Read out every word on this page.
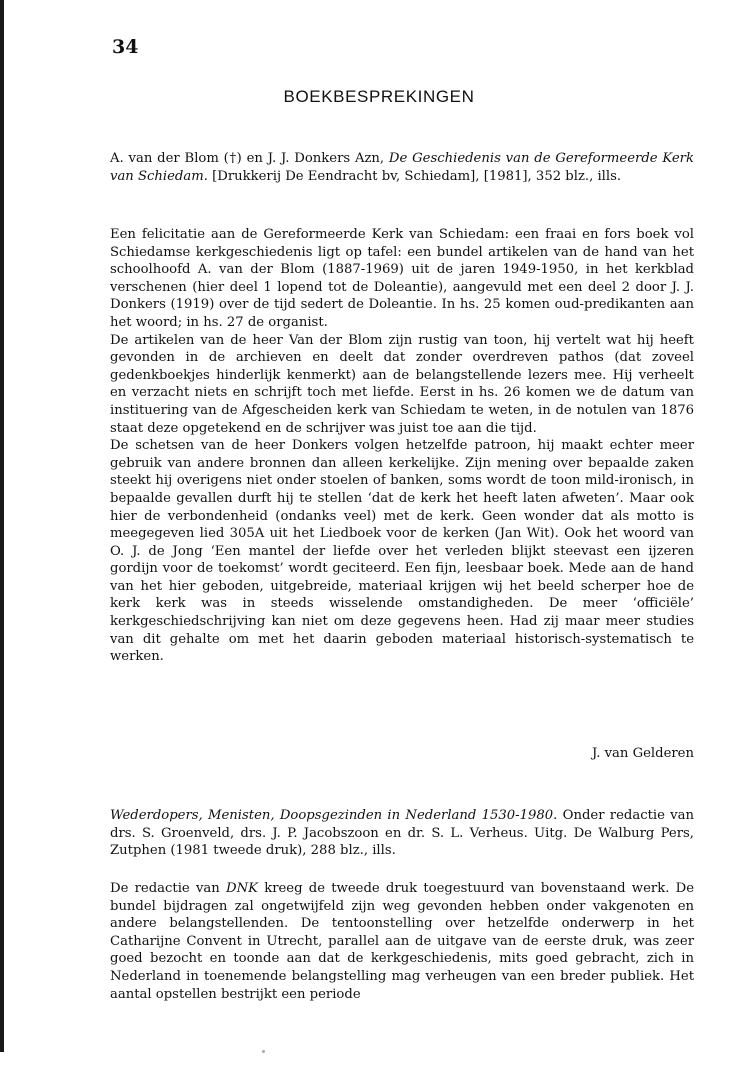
34
BOEKBESPREKINGEN

A. van der Blom (†) en J. J. Donkers Azn, De Geschiedenis van de Gereformeerde Kerk van Schiedam. [Drukkerij De Eendracht bv, Schiedam], [1981], 352 blz., ills.

Een felicitatie aan de Gereformeerde Kerk van Schiedam: een fraai en fors boek vol Schiedamse kerkgeschiedenis ligt op tafel: een bundel artikelen van de hand van het schoolhoofd A. van der Blom (1887-1969) uit de jaren 1949-1950, in het kerkblad verschenen (hier deel 1 lopend tot de Doleantie), aangevuld met een deel 2 door J. J. Donkers (1919) over de tijd sedert de Doleantie. In hs. 25 komen oud-predikanten aan het woord; in hs. 27 de organist.

De artikelen van de heer Van der Blom zijn rustig van toon, hij vertelt wat hij heeft gevonden in de archieven en deelt dat zonder overdreven pathos (dat zoveel gedenkboekjes hinderlijk kenmerkt) aan de belangstellende lezers mee. Hij verheelt en verzacht niets en schrijft toch met liefde. Eerst in hs. 26 komen we de datum van instituering van de Afgescheiden kerk van Schiedam te weten, in de notulen van 1876 staat deze opgetekend en de schrijver was juist toe aan die tijd.

De schetsen van de heer Donkers volgen hetzelfde patroon, hij maakt echter meer gebruik van andere bronnen dan alleen kerkelijke. Zijn mening over bepaalde zaken steekt hij overigens niet onder stoelen of banken, soms wordt de toon mild-ironisch, in bepaalde gevallen durft hij te stellen ‘dat de kerk het heeft laten afweten’. Maar ook hier de verbondenheid (ondanks veel) met de kerk. Geen wonder dat als motto is meegegeven lied 305A uit het Liedboek voor de kerken (Jan Wit). Ook het woord van O. J. de Jong ‘Een mantel der liefde over het verleden blijkt steevast een ijzeren gordijn voor de toekomst’ wordt geciteerd. Een fijn, leesbaar boek. Mede aan de hand van het hier geboden, uitgebreide, materiaal krijgen wij het beeld scherper hoe de kerk kerk was in steeds wisselende omstandigheden. De meer ‘officiële’ kerkgeschiedschrijving kan niet om deze gegevens heen. Had zij maar meer studies van dit gehalte om met het daarin geboden materiaal historisch-systematisch te werken.

J. van Gelderen

Wederdopers, Menisten, Doopsgezinden in Nederland 1530-1980. Onder redactie van drs. S. Groenveld, drs. J. P. Jacobszoon en dr. S. L. Verheus. Uitg. De Walburg Pers, Zutphen (1981 tweede druk), 288 blz., ills.

De redactie van DNK kreeg de tweede druk toegestuurd van bovenstaand werk. De bundel bijdragen zal ongetwijfeld zijn weg gevonden hebben onder vakgenoten en andere belangstellenden. De tentoonstelling over hetzelfde onderwerp in het Catharijne Convent in Utrecht, parallel aan de uitgave van de eerste druk, was zeer goed bezocht en toonde aan dat de kerkgeschiedenis, mits goed gebracht, zich in Nederland in toenemende belangstelling mag verheugen van een breder publiek. Het aantal opstellen bestrijkt een periode
